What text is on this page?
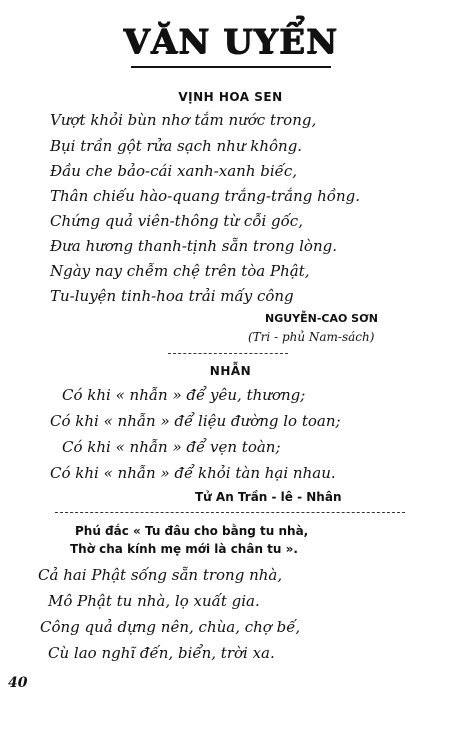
VĂN UYỂN
VỊNH HOA SEN
Vượt khỏi bùn nhơ tắm nước trong,
Bụi trần gột rửa sạch như không.
Đầu che bảo-cái xanh-xanh biếc,
Thân chiếu hào-quang trắng-trắng hồng.
Chứng quả viên-thông từ cỗi gốc,
Đưa hương thanh-tịnh sẵn trong lòng.
Ngày nay chễm chệ trên tòa Phật,
Tu-luyện tinh-hoa trải mấy công
NGUYỄN-CAO SƠN
(Tri - phủ Nam-sách)
NHẪN
Có khi « nhẫn » để yêu, thương;
Có khi « nhẫn » để liệu đường lo toan;
Có khi « nhẫn » để vẹn toàn;
Có khi « nhẫn » để khỏi tàn hại nhau.
Tử An Trần - lê - Nhân
Phú đắc « Tu đâu cho bằng tu nhà,
Thờ cha kính mẹ mới là chân tu ».
Cả hai Phật sống sẵn trong nhà,
Mô Phật tu nhà, lọ xuất gia.
Công quả dựng nên, chùa, chợ bế,
Cù lao nghĩ đến, biển, trời xa.
40
